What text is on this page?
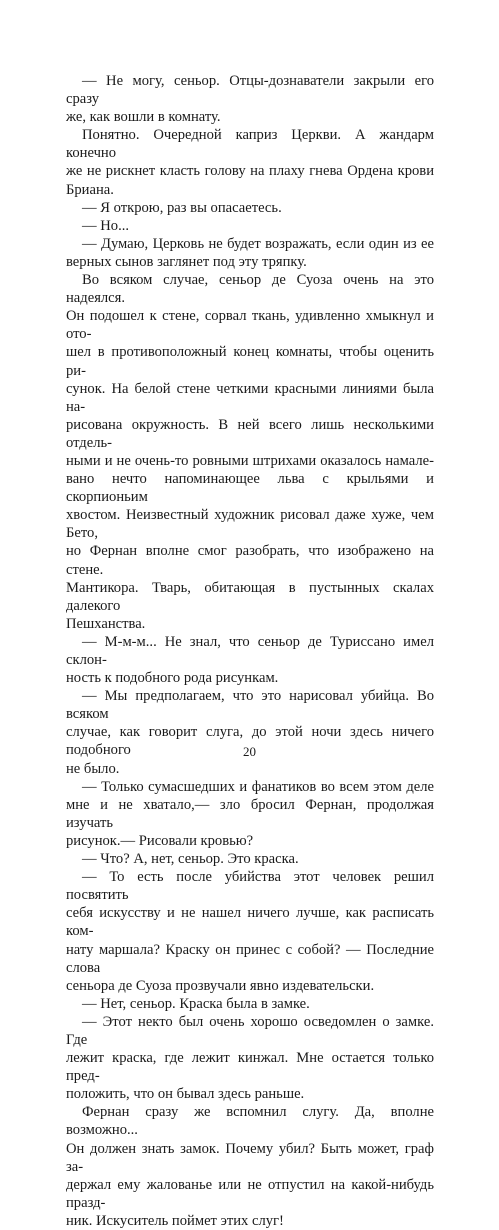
— Не могу, сеньор. Отцы-дознаватели закрыли его сразу
же, как вошли в комнату.

Понятно. Очередной каприз Церкви. А жандарм конечно
же не рискнет класть голову на плаху гнева Ордена крови
Бриана.

— Я открою, раз вы опасаетесь.

— Но...

— Думаю, Церковь не будет возражать, если один из ее
верных сынов заглянет под эту тряпку.

Во всяком случае, сеньор де Суоза очень на это надеялся.
Он подошел к стене, сорвал ткань, удивленно хмыкнул и ото-
шел в противоположный конец комнаты, чтобы оценить ри-
сунок. На белой стене четкими красными линиями была на-
рисована окружность. В ней всего лишь несколькими отдель-
ными и не очень-то ровными штрихами оказалось намале-
вано нечто напоминающее льва с крыльями и скорпионьим
хвостом. Неизвестный художник рисовал даже хуже, чем Бето,
но Фернан вполне смог разобрать, что изображено на стене.
Мантикора. Тварь, обитающая в пустынных скалах далекого
Пешханства.

— М-м-м... Не знал, что сеньор де Туриссано имел склон-
ность к подобного рода рисункам.

— Мы предполагаем, что это нарисовал убийца. Во всяком
случае, как говорит слуга, до этой ночи здесь ничего подобного
не было.

— Только сумасшедших и фанатиков во всем этом деле
мне и не хватало,— зло бросил Фернан, продолжая изучать
рисунок.— Рисовали кровью?

— Что? А, нет, сеньор. Это краска.

— То есть после убийства этот человек решил посвятить
себя искусству и не нашел ничего лучше, как расписать ком-
нату маршала? Краску он принес с собой? — Последние слова
сеньора де Суоза прозвучали явно издевательски.

— Нет, сеньор. Краска была в замке.

— Этот некто был очень хорошо осведомлен о замке. Где
лежит краска, где лежит кинжал. Мне остается только пред-
положить, что он бывал здесь раньше.

Фернан сразу же вспомнил слугу. Да, вполне возможно...
Он должен знать замок. Почему убил? Быть может, граф за-
держал ему жалованье или не отпустил на какой-нибудь празд-
ник. Искуситель поймет этих слуг!

20
